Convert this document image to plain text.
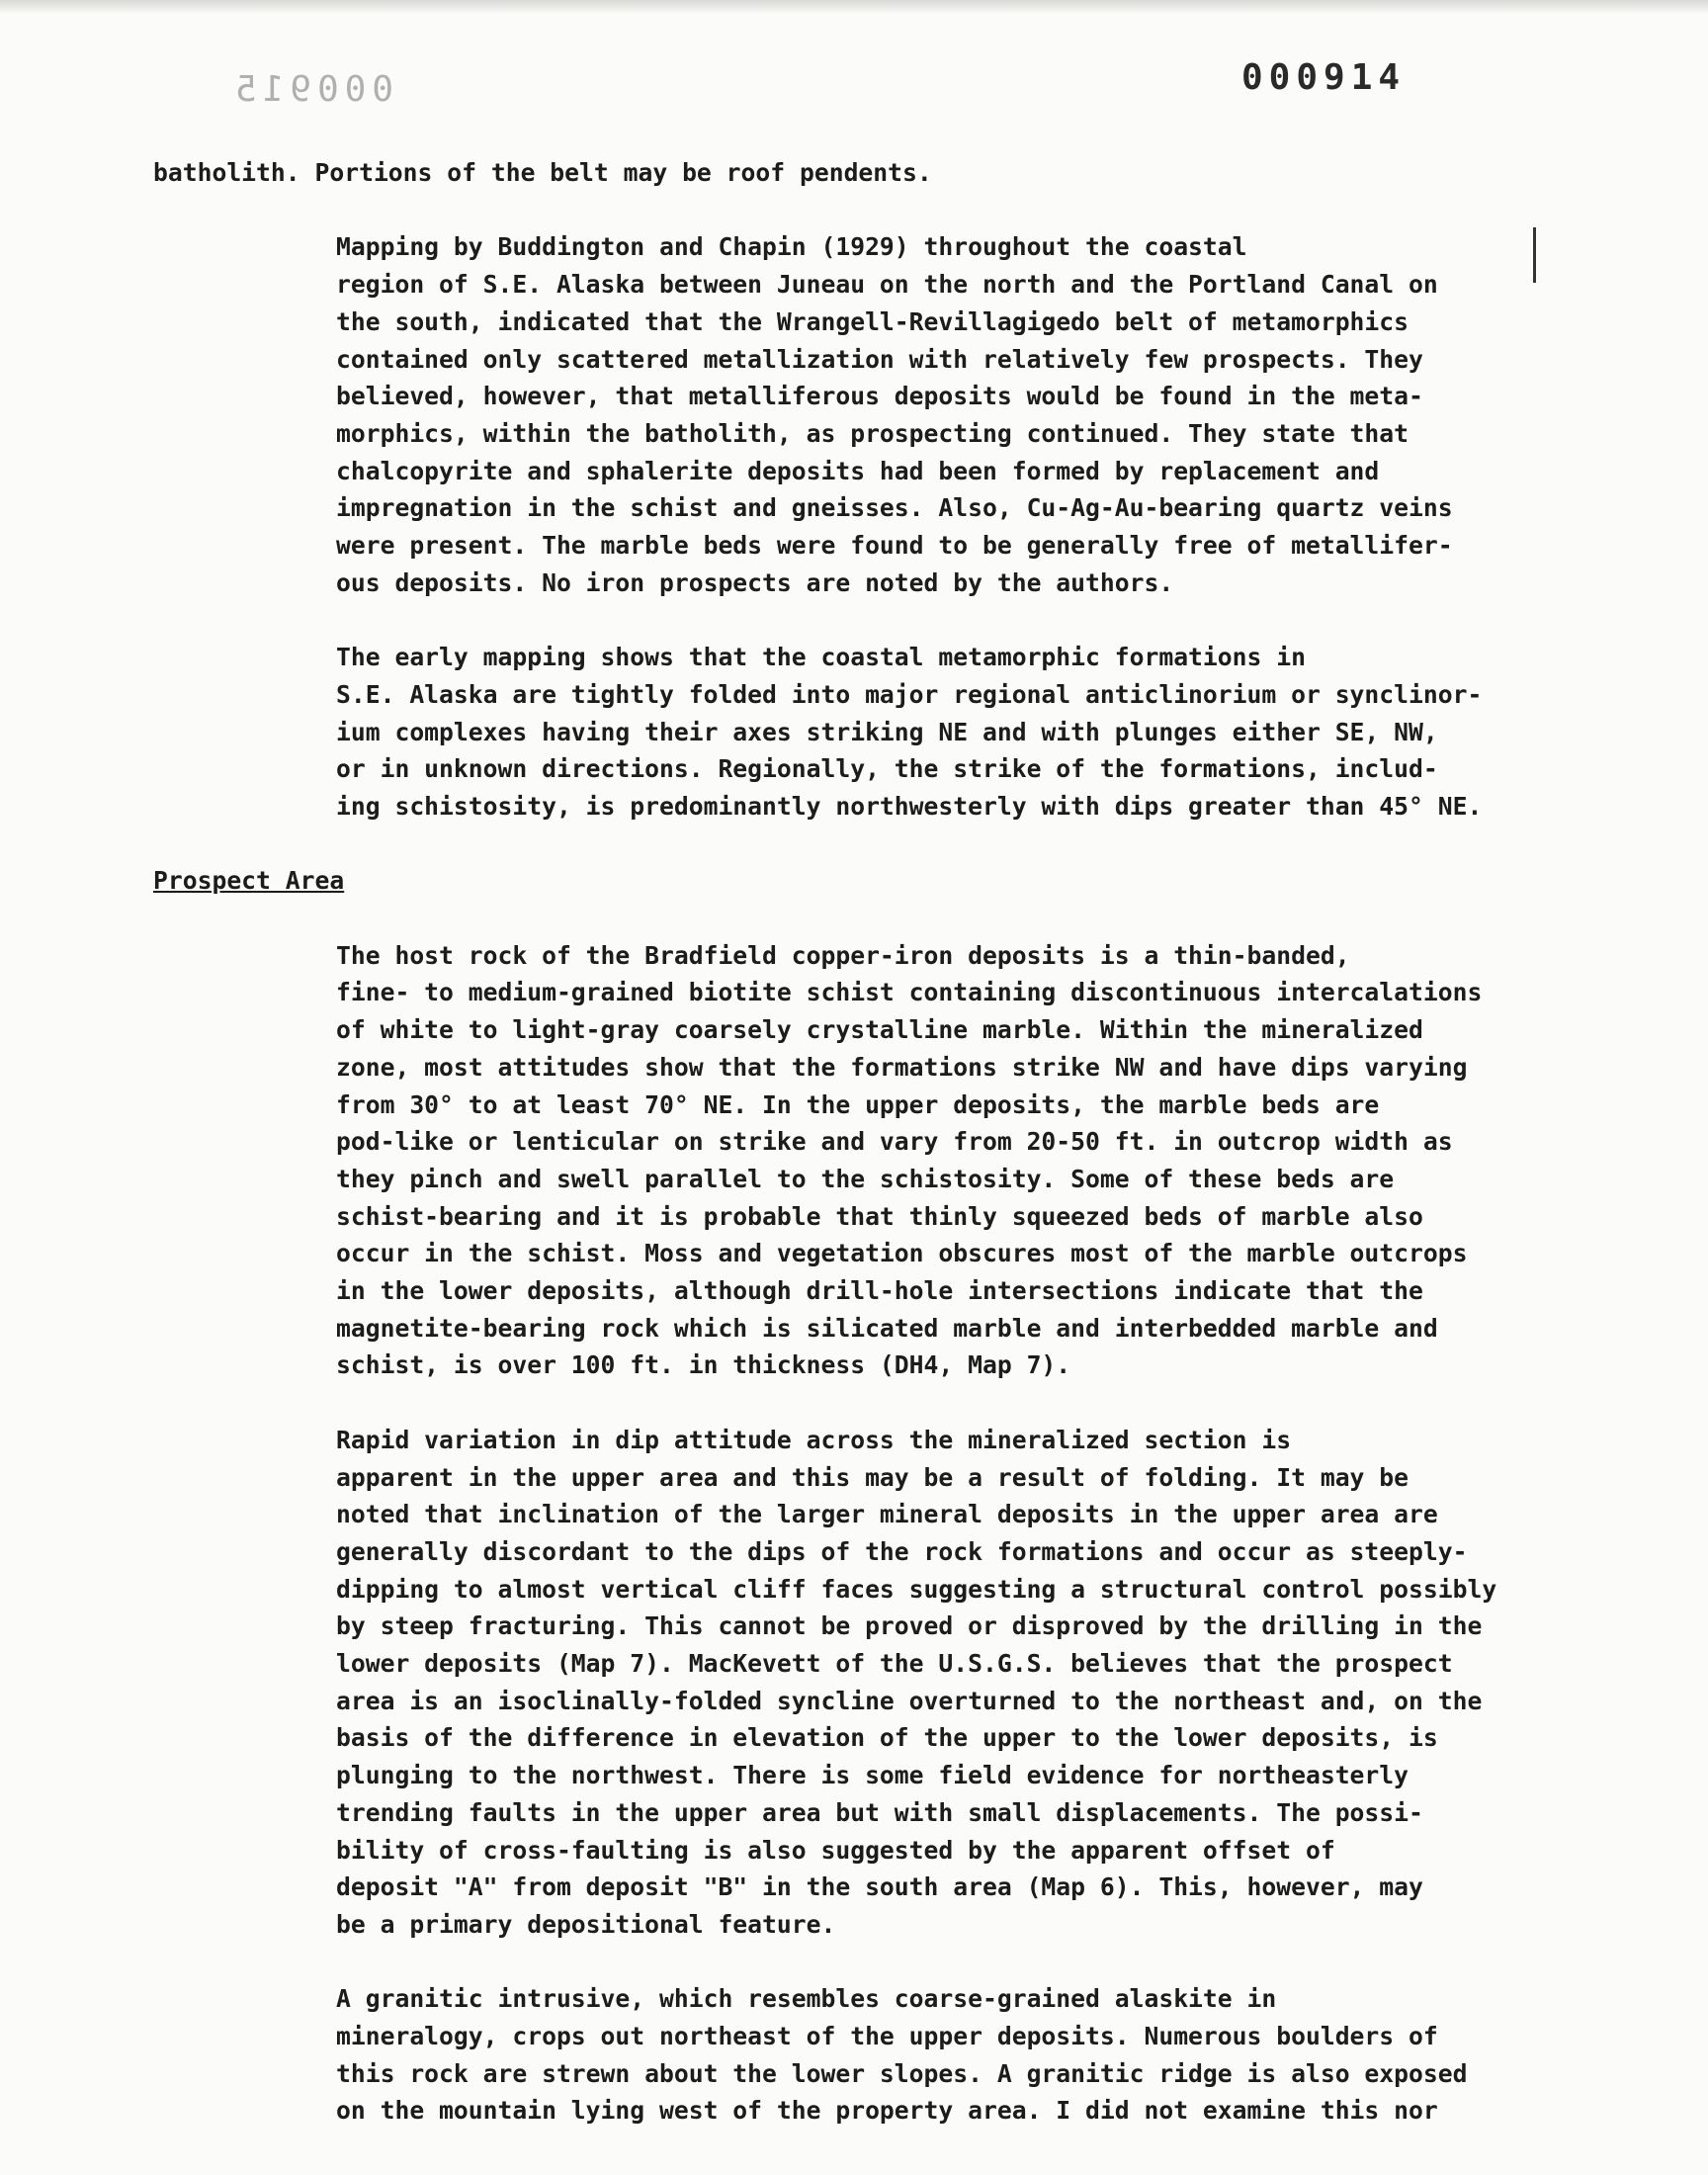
000915	000914

batholith. Portions of the belt may be roof pendents.

Mapping by Buddington and Chapin (1929) throughout the coastal
region of S.E. Alaska between Juneau on the north and the Portland Canal on
the south, indicated that the Wrangell-Revillagigedo belt of metamorphics
contained only scattered metallization with relatively few prospects. They
believed, however, that metalliferous deposits would be found in the meta-
morphics, within the batholith, as prospecting continued. They state that
chalcopyrite and sphalerite deposits had been formed by replacement and
impregnation in the schist and gneisses. Also, Cu-Ag-Au-bearing quartz veins
were present. The marble beds were found to be generally free of metallifer-
ous deposits. No iron prospects are noted by the authors.

The early mapping shows that the coastal metamorphic formations in
S.E. Alaska are tightly folded into major regional anticlinorium or synclinor-
ium complexes having their axes striking NE and with plunges either SE, NW,
or in unknown directions. Regionally, the strike of the formations, includ-
ing schistosity, is predominantly northwesterly with dips greater than 45° NE.

Prospect Area

The host rock of the Bradfield copper-iron deposits is a thin-banded,
fine- to medium-grained biotite schist containing discontinuous intercalations
of white to light-gray coarsely crystalline marble. Within the mineralized
zone, most attitudes show that the formations strike NW and have dips varying
from 30° to at least 70° NE. In the upper deposits, the marble beds are
pod-like or lenticular on strike and vary from 20-50 ft. in outcrop width as
they pinch and swell parallel to the schistosity. Some of these beds are
schist-bearing and it is probable that thinly squeezed beds of marble also
occur in the schist. Moss and vegetation obscures most of the marble outcrops
in the lower deposits, although drill-hole intersections indicate that the
magnetite-bearing rock which is silicated marble and interbedded marble and
schist, is over 100 ft. in thickness (DH4, Map 7).

Rapid variation in dip attitude across the mineralized section is
apparent in the upper area and this may be a result of folding. It may be
noted that inclination of the larger mineral deposits in the upper area are
generally discordant to the dips of the rock formations and occur as steeply-
dipping to almost vertical cliff faces suggesting a structural control possibly
by steep fracturing. This cannot be proved or disproved by the drilling in the
lower deposits (Map 7). MacKevett of the U.S.G.S. believes that the prospect
area is an isoclinally-folded syncline overturned to the northeast and, on the
basis of the difference in elevation of the upper to the lower deposits, is
plunging to the northwest. There is some field evidence for northeasterly
trending faults in the upper area but with small displacements. The possi-
bility of cross-faulting is also suggested by the apparent offset of
deposit "A" from deposit "B" in the south area (Map 6). This, however, may
be a primary depositional feature.

A granitic intrusive, which resembles coarse-grained alaskite in
mineralogy, crops out northeast of the upper deposits. Numerous boulders of
this rock are strewn about the lower slopes. A granitic ridge is also exposed
on the mountain lying west of the property area. I did not examine this nor
